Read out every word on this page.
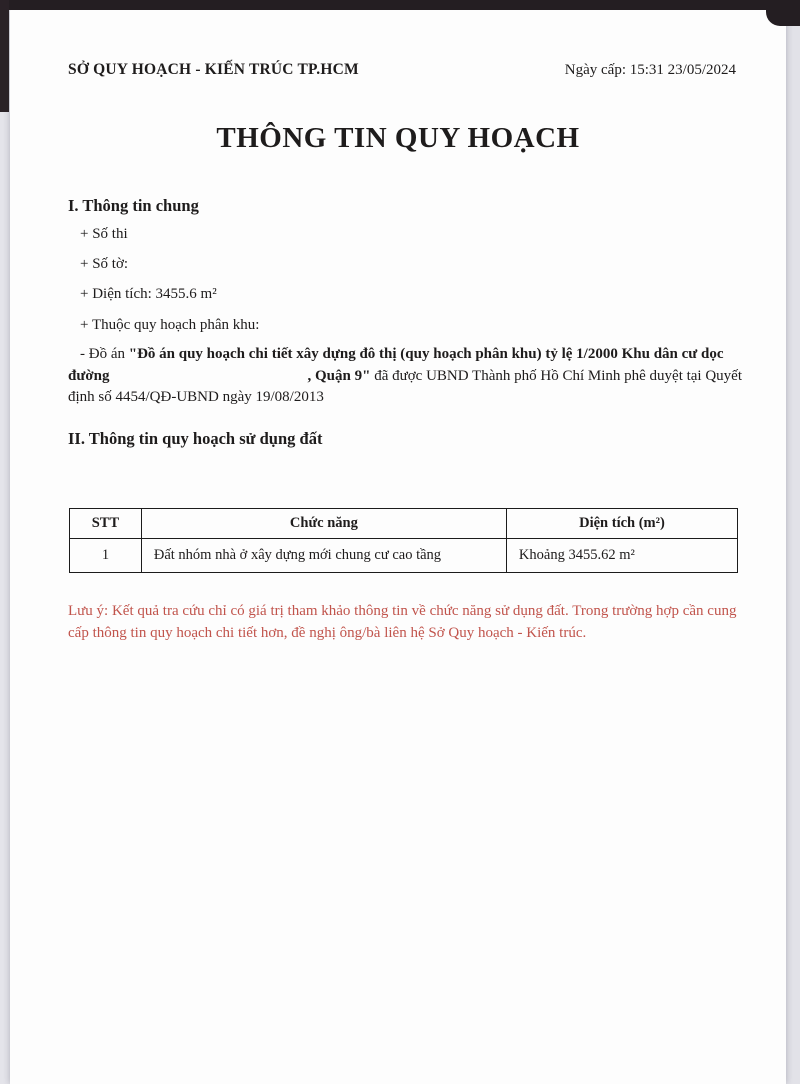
SỞ QUY HOẠCH - KIẾN TRÚC TP.HCM	Ngày cấp: 15:31 23/05/2024
THÔNG TIN QUY HOẠCH
I. Thông tin chung
+ Số thi
+ Số tờ:
+ Diện tích: 3455.6 m²
+ Thuộc quy hoạch phân khu:
- Đồ án "Đồ án quy hoạch chi tiết xây dựng đô thị (quy hoạch phân khu) tỷ lệ 1/2000 Khu dân cư dọc đường	, Quận 9" đã được UBND Thành phố Hồ Chí Minh phê duyệt tại Quyết định số 4454/QĐ-UBND ngày 19/08/2013
II. Thông tin quy hoạch sử dụng đất
STT	Chức năng	Diện tích (m²)
1	Đất nhóm nhà ở xây dựng mới chung cư cao tầng	Khoảng 3455.62 m²
Lưu ý: Kết quả tra cứu chỉ có giá trị tham khảo thông tin về chức năng sử dụng đất. Trong trường hợp cần cung cấp thông tin quy hoạch chi tiết hơn, đề nghị ông/bà liên hệ Sở Quy hoạch - Kiến trúc.
